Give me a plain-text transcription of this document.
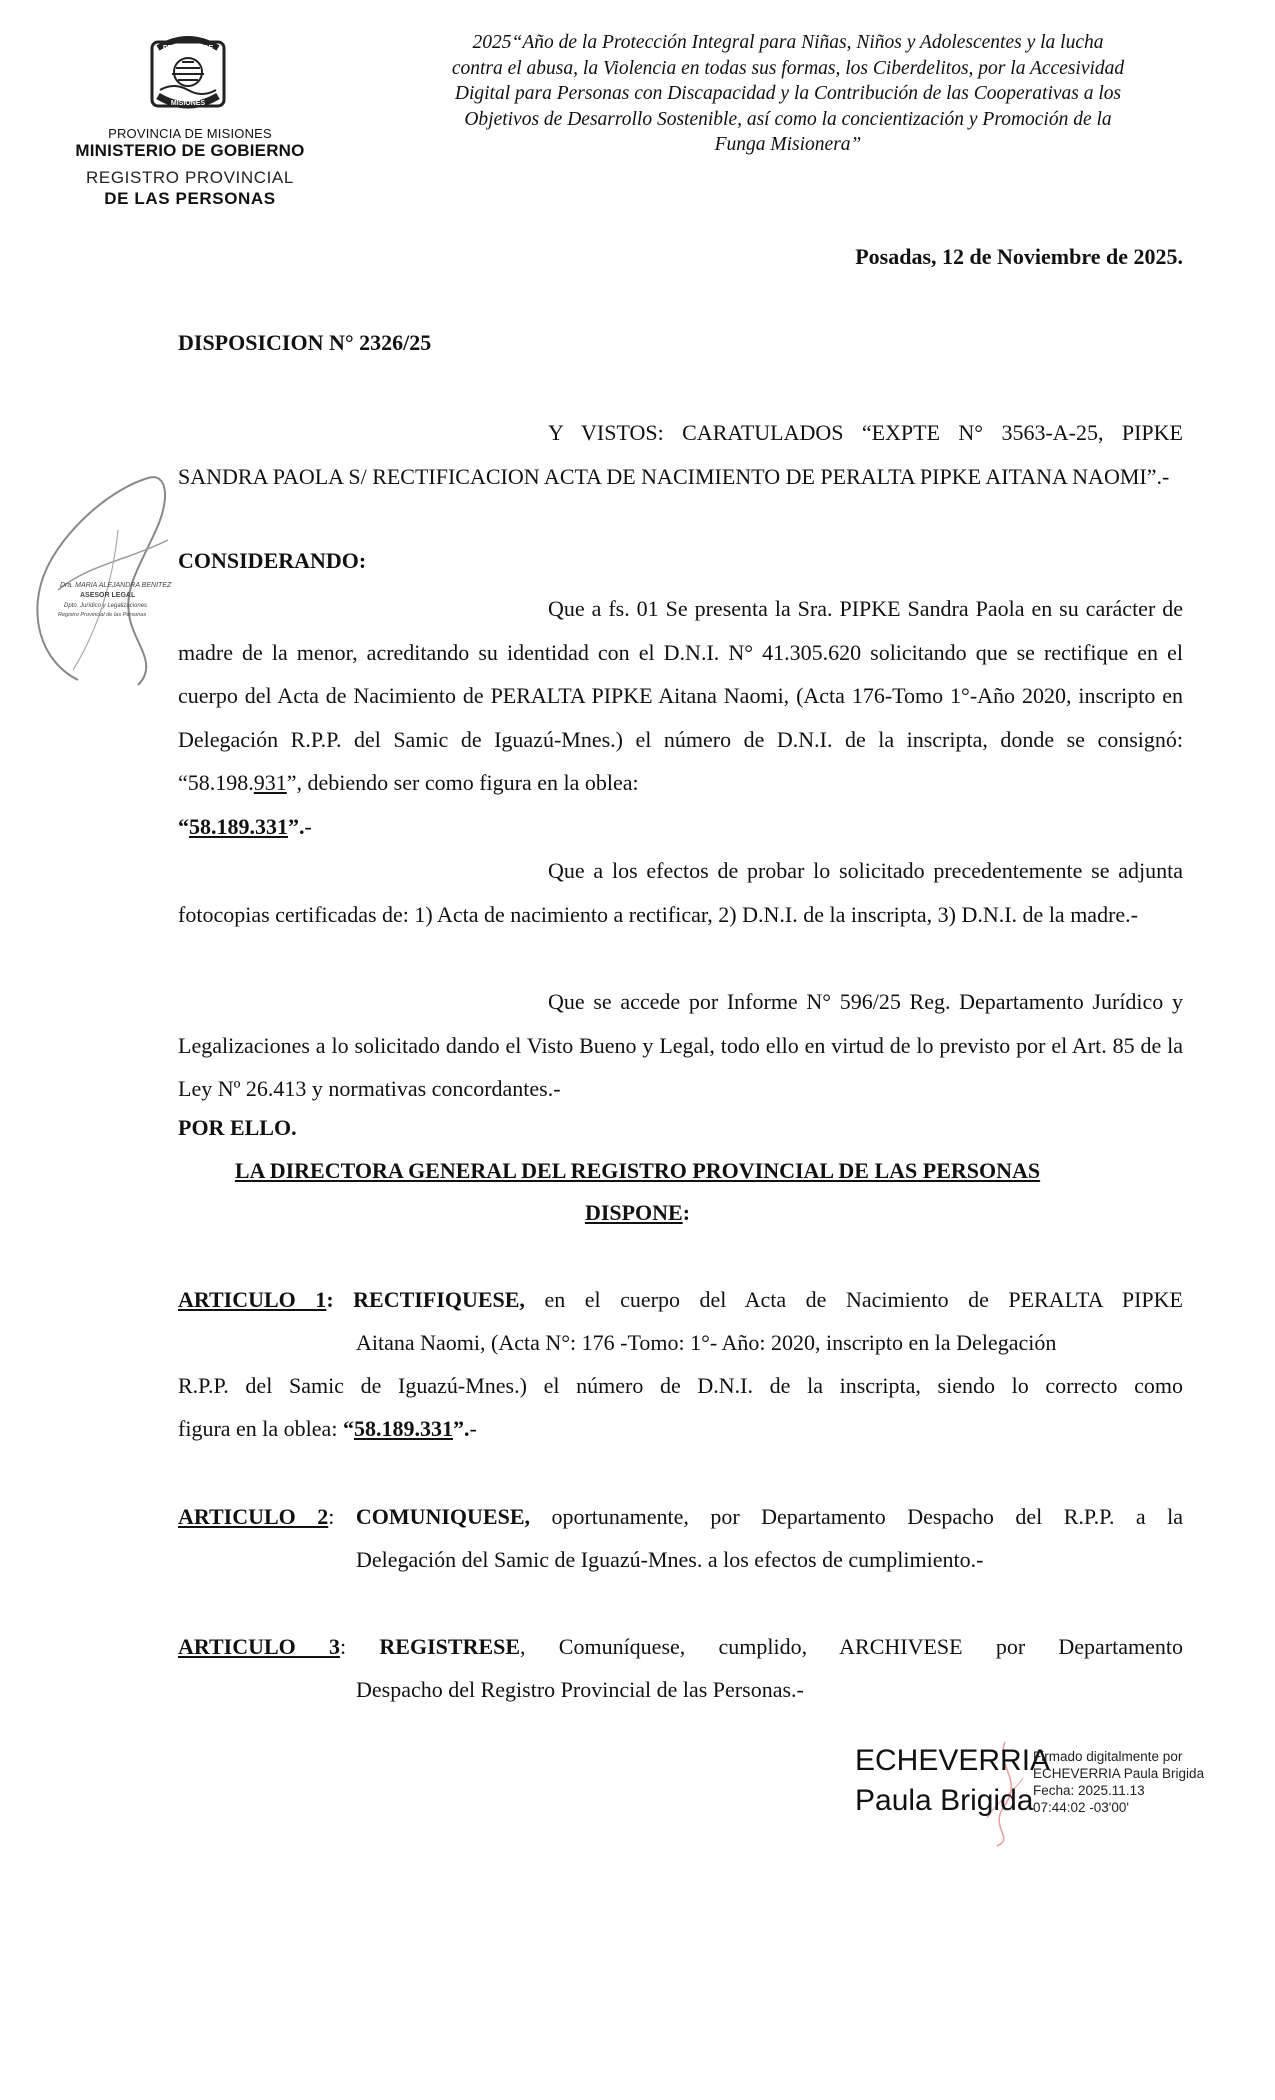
PROVINCIA DE
MISIONES
PROVINCIA DE MISIONES
MINISTERIO DE GOBIERNO
REGISTRO PROVINCIAL
DE LAS PERSONAS
2025“Año de la Protección Integral para Niñas, Niños y Adolescentes y la lucha
contra el abusa, la Violencia en todas sus formas, los Ciberdelitos, por la Accesividad
Digital para Personas con Discapacidad y la Contribución de las Cooperativas a los
Objetivos de Desarrollo Sostenible, así como la concientización y Promoción de la
Funga Misionera”
Posadas, 12 de Noviembre de 2025.
DISPOSICION N° 2326/25
Y VISTOS: CARATULADOS “EXPTE N° 3563-A-25, PIPKE SANDRA PAOLA S/ RECTIFICACION ACTA DE NACIMIENTO DE PERALTA PIPKE AITANA NAOMI”.-
CONSIDERANDO:
Que a fs. 01 Se presenta la Sra. PIPKE Sandra Paola en su carácter de madre de la menor, acreditando su identidad con el D.N.I. N° 41.305.620 solicitando que se rectifique en el cuerpo del Acta de Nacimiento de PERALTA PIPKE Aitana Naomi, (Acta 176-Tomo 1°-Año 2020, inscripto en Delegación R.P.P. del Samic de Iguazú-Mnes.) el número de D.N.I. de la inscripta, donde se consignó: “58.198.931”, debiendo ser como figura en la oblea:
“58.189.331”.-
Que a los efectos de probar lo solicitado precedentemente se adjunta fotocopias certificadas de: 1) Acta de nacimiento a rectificar, 2) D.N.I. de la inscripta, 3) D.N.I. de la madre.-
Que se accede por Informe N° 596/25 Reg. Departamento Jurídico y Legalizaciones a lo solicitado dando el Visto Bueno y Legal, todo ello en virtud de lo previsto por el Art. 85 de la Ley Nº 26.413 y normativas concordantes.-
POR ELLO.
LA DIRECTORA GENERAL DEL REGISTRO PROVINCIAL DE LAS PERSONAS
DISPONE:
ARTICULO 1: RECTIFIQUESE, en el cuerpo del Acta de Nacimiento de PERALTA PIPKE
Aitana Naomi, (Acta N°: 176 -Tomo: 1°- Año: 2020, inscripto en la Delegación
R.P.P. del Samic de Iguazú-Mnes.) el número de D.N.I. de la inscripta, siendo lo correcto como
figura en la oblea: “58.189.331”.-
ARTICULO 2: COMUNIQUESE, oportunamente, por Departamento Despacho del R.P.P. a la
Delegación del Samic de Iguazú-Mnes. a los efectos de cumplimiento.-
ARTICULO 3: REGISTRESE, Comuníquese, cumplido, ARCHIVESE por Departamento
Despacho del Registro Provincial de las Personas.-
Dra. MARIA ALEJANDRA BENITEZ
ASESOR LEGAL
Dpto. Jurídico y Legalizaciones
Registro Provincial de las Personas
ECHEVERRIA
Paula Brigida
Firmado digitalmente por
ECHEVERRIA Paula Brigida
Fecha: 2025.11.13
07:44:02 -03'00'
